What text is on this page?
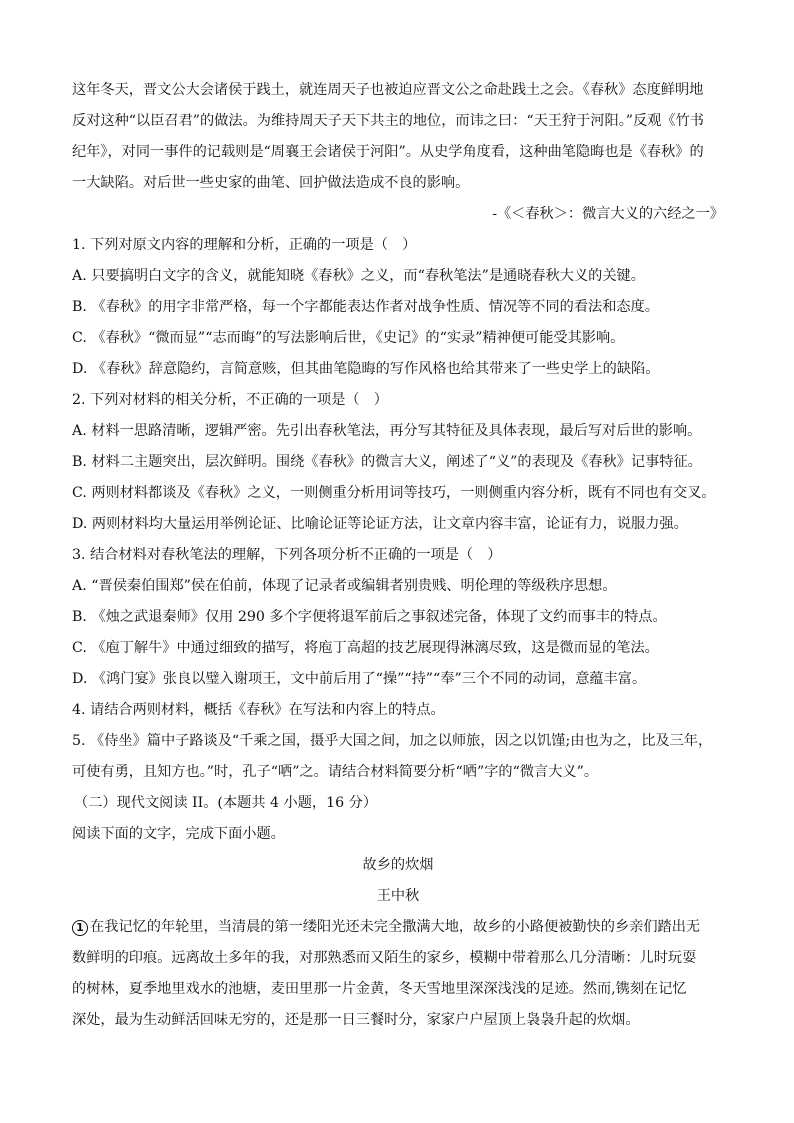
这年冬天，晋文公大会诸侯于践土，就连周天子也被迫应晋文公之命赴践土之会。《春秋》态度鲜明地
反对这种“以臣召君”的做法。为维持周天子天下共主的地位，而讳之曰：“天王狩于河阳。”反观《竹书
纪年》，对同一事件的记载则是“周襄王会诸侯于河阳”。从史学角度看，这种曲笔隐晦也是《春秋》的
一大缺陷。对后世一些史家的曲笔、回护做法造成不良的影响。
-《＜春秋＞：微言大义的六经之一》
1. 下列对原文内容的理解和分析，正确的一项是（　）
A. 只要搞明白文字的含义，就能知晓《春秋》之义，而“春秋笔法”是通晓春秋大义的关键。
B. 《春秋》的用字非常严格，每一个字都能表达作者对战争性质、情况等不同的看法和态度。
C. 《春秋》“微而显”“志而晦”的写法影响后世，《史记》的“实录”精神便可能受其影响。
D. 《春秋》辞意隐约，言简意赅，但其曲笔隐晦的写作风格也给其带来了一些史学上的缺陷。
2. 下列对材料的相关分析，不正确的一项是（　）
A. 材料一思路清晰，逻辑严密。先引出春秋笔法，再分写其特征及具体表现，最后写对后世的影响。
B. 材料二主题突出，层次鲜明。围绕《春秋》的微言大义，阐述了“义”的表现及《春秋》记事特征。
C. 两则材料都谈及《春秋》之义，一则侧重分析用词等技巧，一则侧重内容分析，既有不同也有交叉。
D. 两则材料均大量运用举例论证、比喻论证等论证方法，让文章内容丰富，论证有力，说服力强。
3. 结合材料对春秋笔法的理解，下列各项分析不正确的一项是（　）
A. “晋侯秦伯围郑”侯在伯前，体现了记录者或编辑者别贵贱、明伦理的等级秩序思想。
B. 《烛之武退秦师》仅用 290 多个字便将退军前后之事叙述完备，体现了文约而事丰的特点。
C. 《庖丁解牛》中通过细致的描写，将庖丁高超的技艺展现得淋漓尽致，这是微而显的笔法。
D. 《鸿门宴》张良以璧入谢项王，文中前后用了“操”“持”“奉”三个不同的动词，意蕴丰富。
4. 请结合两则材料，概括《春秋》在写法和内容上的特点。
5. 《侍坐》篇中子路谈及“千乘之国，摄乎大国之间，加之以师旅，因之以饥馑;由也为之，比及三年，
可使有勇，且知方也。”时，孔子“哂”之。请结合材料简要分析“哂”字的“微言大义”。
（二）现代文阅读 II。(本题共 4 小题，16 分）
阅读下面的文字，完成下面小题。
故乡的炊烟
王中秋
1 在我记忆的年轮里，当清晨的第一缕阳光还未完全撒满大地，故乡的小路便被勤快的乡亲们踏出无
数鲜明的印痕。远离故土多年的我，对那熟悉而又陌生的家乡，模糊中带着那么几分清晰：儿时玩耍
的树林，夏季地里戏水的池塘，麦田里那一片金黄，冬天雪地里深深浅浅的足迹。然而,镌刻在记忆
深处，最为生动鲜活回味无穷的，还是那一日三餐时分，家家户户屋顶上袅袅升起的炊烟。
